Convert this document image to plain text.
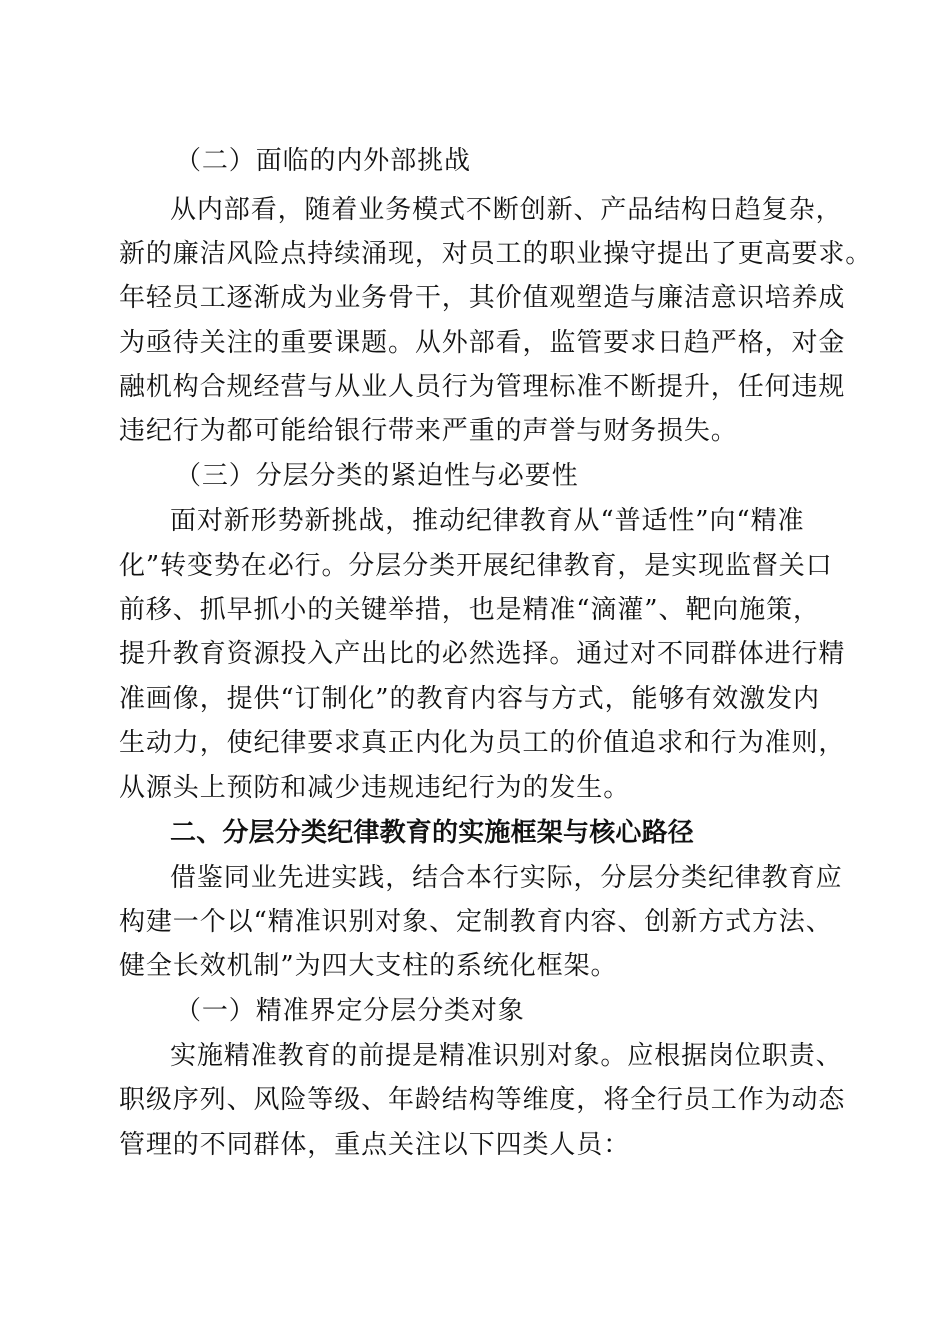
（二）面临的内外部挑战
从内部看，随着业务模式不断创新、产品结构日趋复杂，
新的廉洁风险点持续涌现，对员工的职业操守提出了更高要求。
年轻员工逐渐成为业务骨干，其价值观塑造与廉洁意识培养成
为亟待关注的重要课题。从外部看，监管要求日趋严格，对金
融机构合规经营与从业人员行为管理标准不断提升，任何违规
违纪行为都可能给银行带来严重的声誉与财务损失。
（三）分层分类的紧迫性与必要性
面对新形势新挑战，推动纪律教育从“普适性”向“精准
化”转变势在必行。分层分类开展纪律教育，是实现监督关口
前移、抓早抓小的关键举措，也是精准“滴灌”、靶向施策，
提升教育资源投入产出比的必然选择。通过对不同群体进行精
准画像，提供“订制化”的教育内容与方式，能够有效激发内
生动力，使纪律要求真正内化为员工的价值追求和行为准则，
从源头上预防和减少违规违纪行为的发生。
二、分层分类纪律教育的实施框架与核心路径
借鉴同业先进实践，结合本行实际，分层分类纪律教育应
构建一个以“精准识别对象、定制教育内容、创新方式方法、
健全长效机制”为四大支柱的系统化框架。
（一）精准界定分层分类对象
实施精准教育的前提是精准识别对象。应根据岗位职责、
职级序列、风险等级、年龄结构等维度，将全行员工作为动态
管理的不同群体，重点关注以下四类人员：
